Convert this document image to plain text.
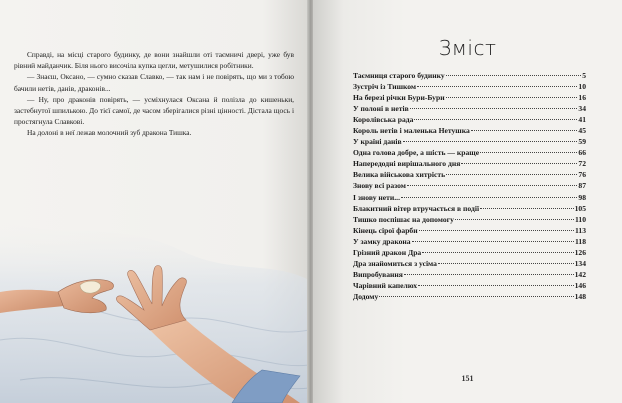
Справді, на місці старого будинку, де вони знайшли оті таємничі двері, уже був рівний майданчик. Біля нього височіла купка цегли, метушилися робітники.

— Знаєш, Оксано, — сумно сказав Славко, — так нам і не повірять, що ми з тобою бачили нетів, данів, драконів...

— Ну, про драконів повірять, — усміхнулася Оксана й полізла до кишеньки, застебнутої шпилькою. До тієї самої, де часом зберігалися різні цінності. Дістала щось і простягнула Славкові.

На долоні в неї лежав молочний зуб дракона Тишка.

Зміст
Таємниця старого будинку	5
Зустріч із Тишком	10
На березі річки Бури-Бури	16
У полоні в нетів	34
Королівська рада	41
Король нетів і маленька Нетушка	45
У країні данів	59
Одна голова добре, а шість — краще	66
Напередодні вирішального дня	72
Велика військова хитрість	76
Знову всі разом	87
І знову нети...	98
Блакитний вітер втручається в події	105
Тишко поспішає на допомогу	110
Кінець сірої фарби	113
У замку дракона	118
Грізний дракон Дра	126
Дра знайомиться з усіма	134
Випробування	142
Чарівний капелюх	146
Додому	148
151
